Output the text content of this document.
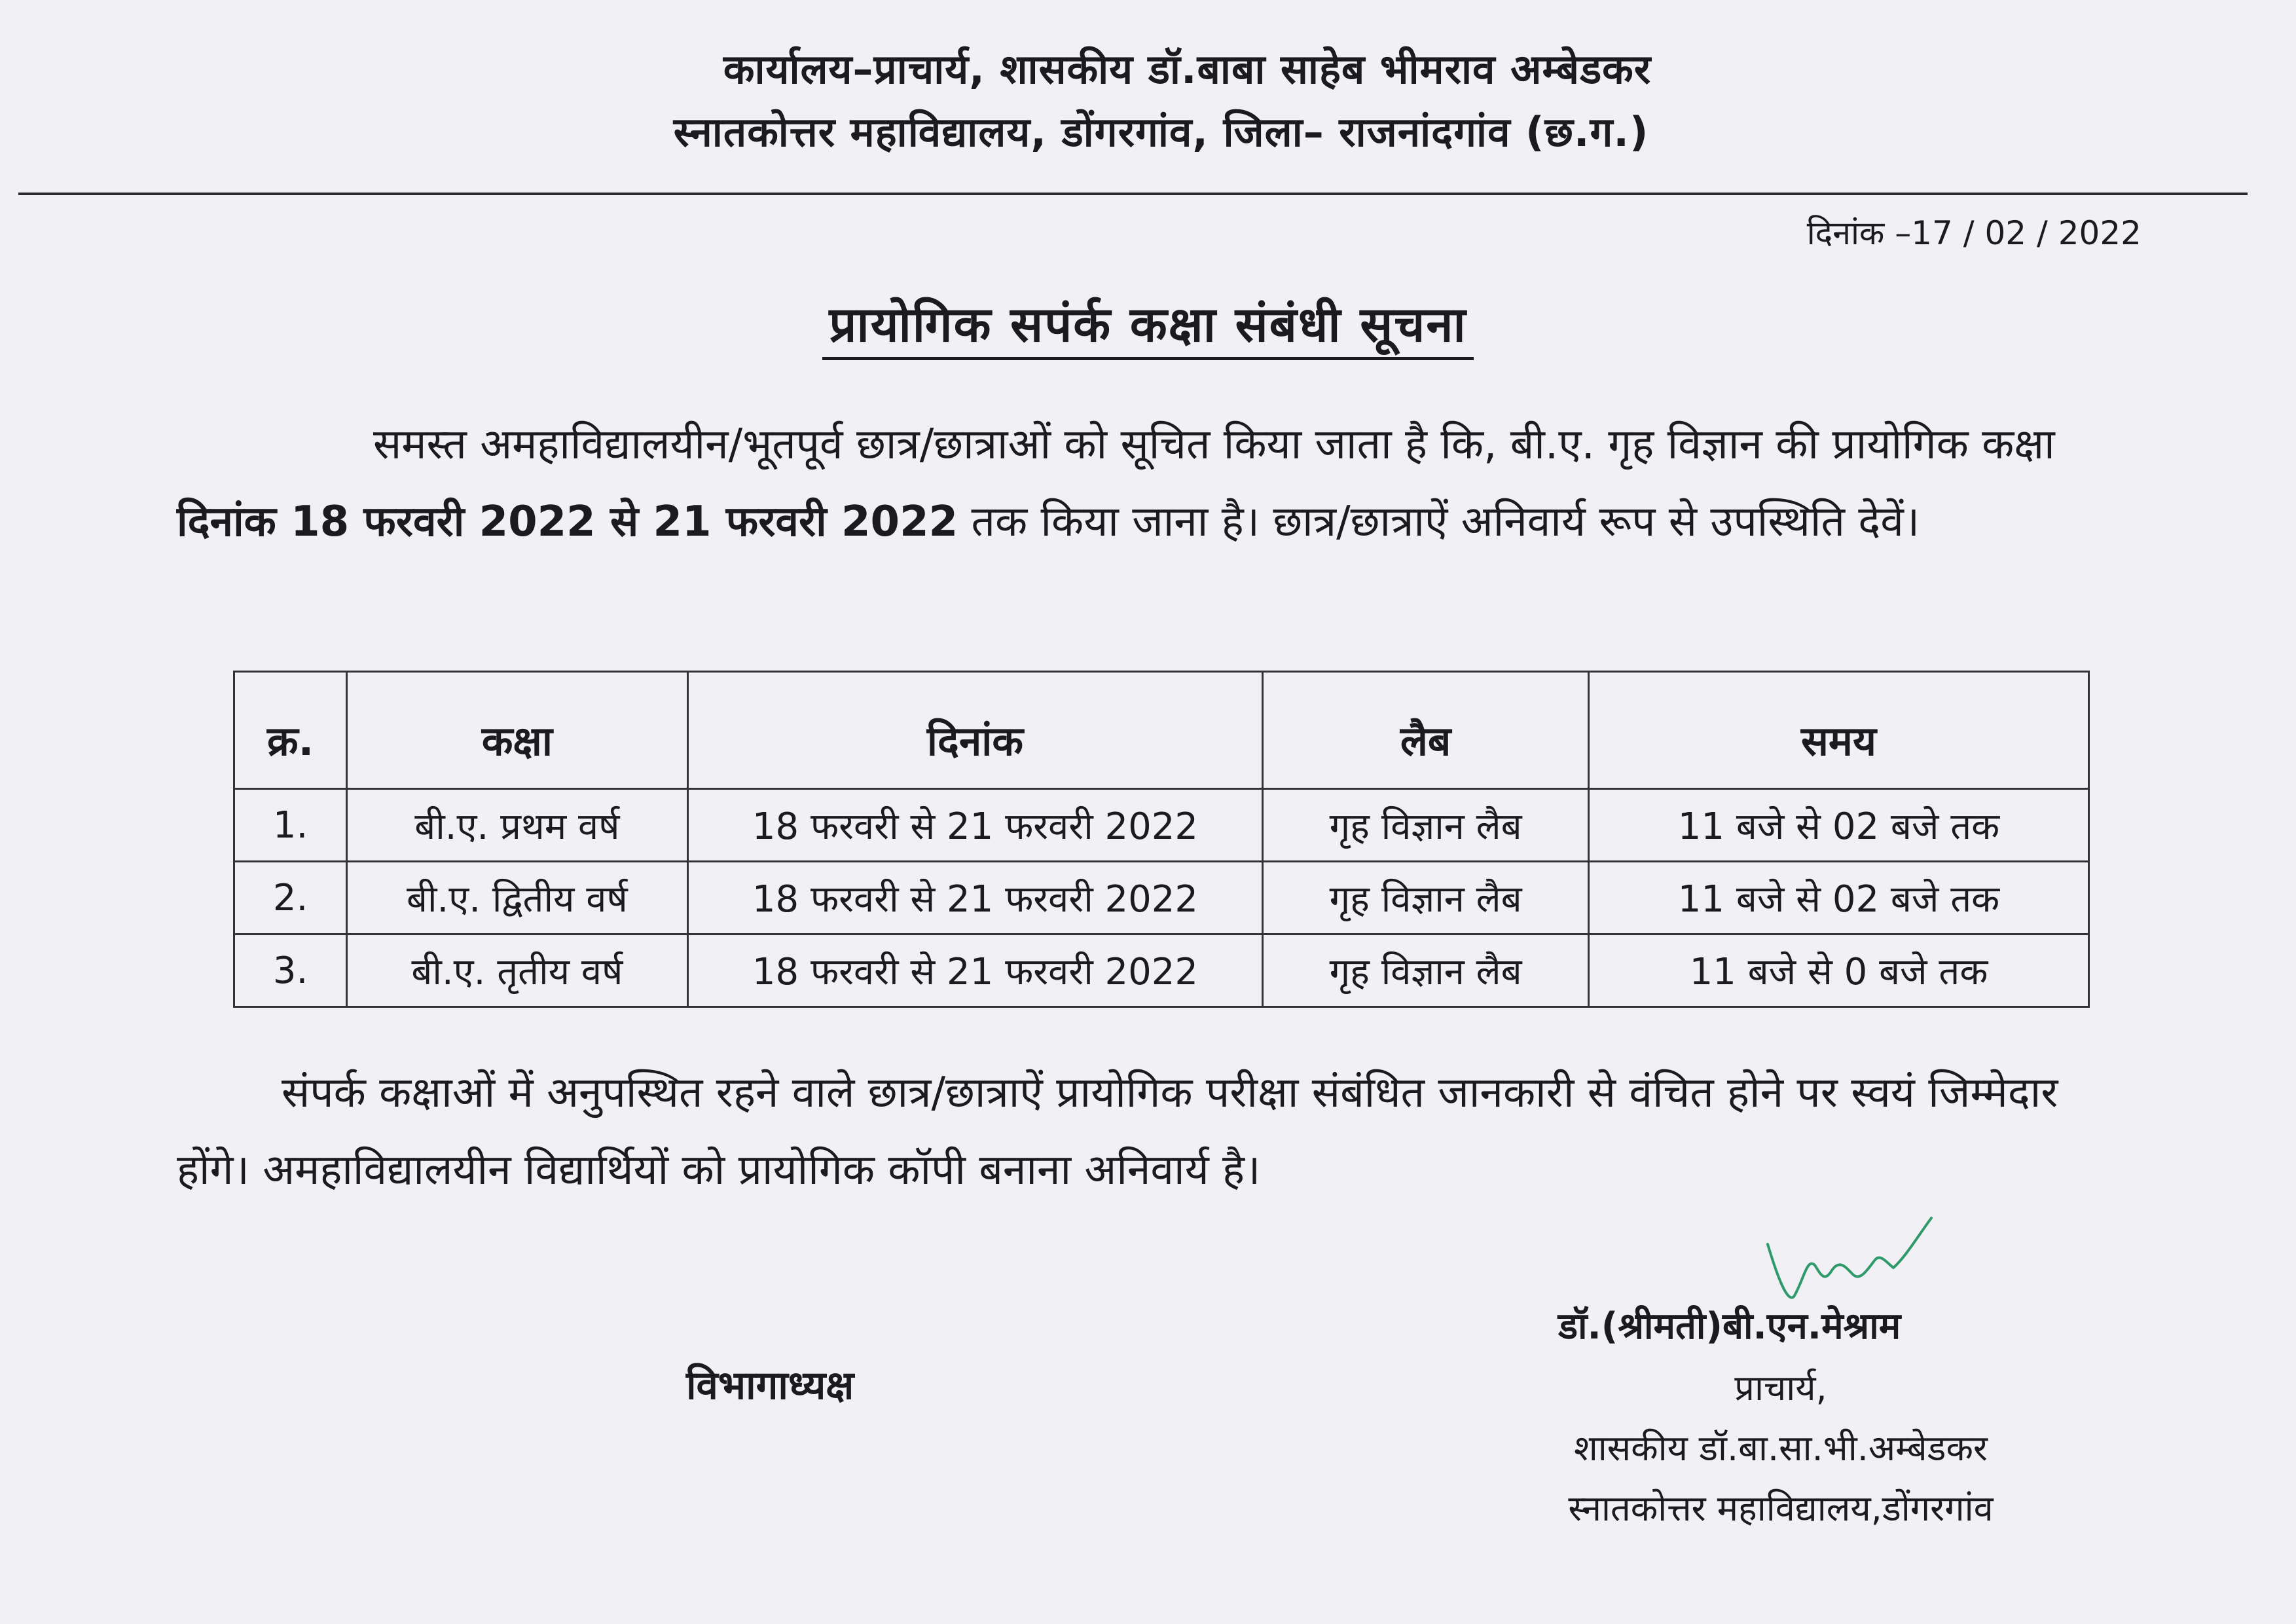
कार्यालय–प्राचार्य, शासकीय डॉ.बाबा साहेब भीमराव अम्बेडकर
स्नातकोत्तर महाविद्यालय, डोंगरगांव, जिला– राजनांदगांव (छ.ग.)
दिनांक –17 / 02 / 2022
प्रायोगिक सपंर्क कक्षा संबंधी सूचना
समस्त अमहाविद्यालयीन/भूतपूर्व छात्र/छात्राओं को सूचित किया जाता है कि, बी.ए. गृह विज्ञान की प्रायोगिक कक्षा दिनांक 18 फरवरी 2022 से 21 फरवरी 2022 तक किया जाना है। छात्र/छात्राऐं अनिवार्य रूप से उपस्थिति देवें।
क्र.	कक्षा	दिनांक	लैब	समय
1.	बी.ए. प्रथम वर्ष	18 फरवरी से 21 फरवरी 2022	गृह विज्ञान लैब	11 बजे से 02 बजे तक
2.	बी.ए. द्वितीय वर्ष	18 फरवरी से 21 फरवरी 2022	गृह विज्ञान लैब	11 बजे से 02 बजे तक
3.	बी.ए. तृतीय वर्ष	18 फरवरी से 21 फरवरी 2022	गृह विज्ञान लैब	11 बजे से 0 बजे तक
संपर्क कक्षाओं में अनुपस्थित रहने वाले छात्र/छात्राऐं प्रायोगिक परीक्षा संबंधित जानकारी से वंचित होने पर स्वयं जिम्मेदार होंगे। अमहाविद्यालयीन विद्यार्थियों को प्रायोगिक कॉपी बनाना अनिवार्य है।
विभागाध्यक्ष
डॉ.(श्रीमती)बी.एन.मेश्राम
प्राचार्य,
शासकीय डॉ.बा.सा.भी.अम्बेडकर
स्नातकोत्तर महाविद्यालय,डोंगरगांव
